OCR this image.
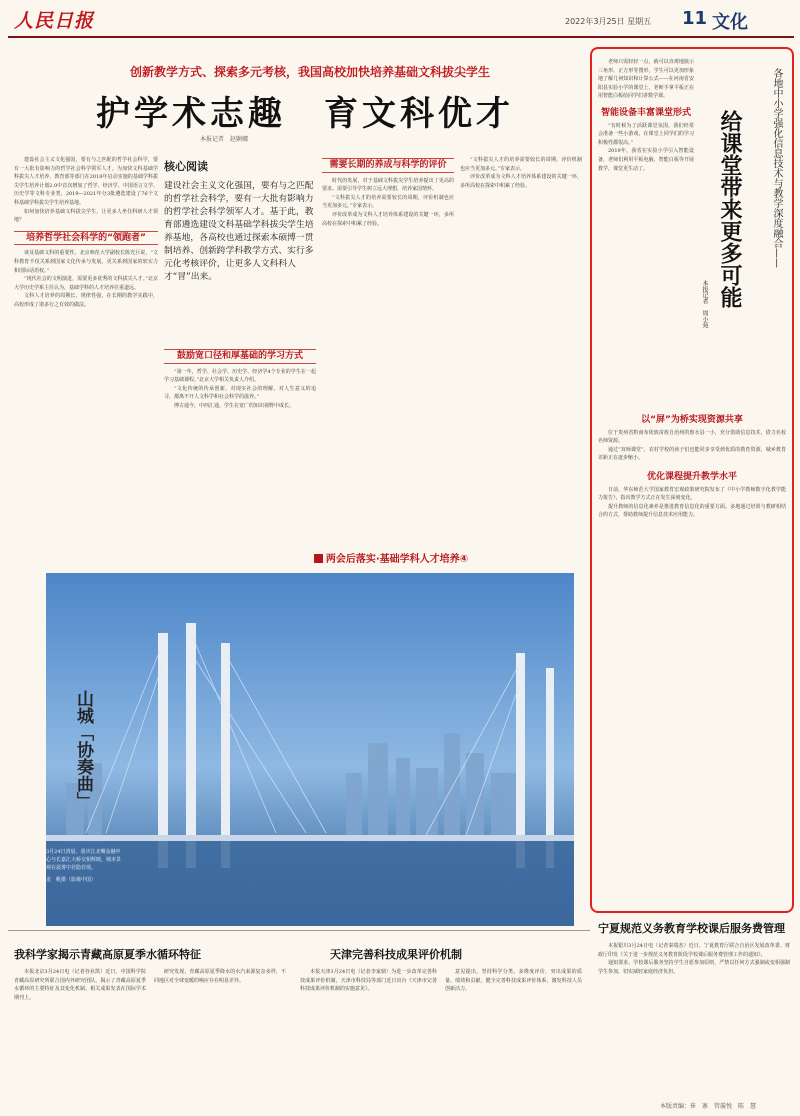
人民日报	2022年3月25日 星期五 11 文化
创新教学方式、探索多元考核，我国高校加快培养基础文科拔尖学生
护学术志趣　育文科优才
本报记者　赵婀娜

建设社会主义文化强国，要有与之匹配的哲学社会科学，要有一大批有影响力的哲学社会科学领军人才。为加快文科基础学科拔尖人才培养，教育部等部门在2018年启动实施的基础学科拔尖学生培养计划2.0中首次增加了哲学、经济学、中国语言文学、历史学等文科专业类。2019—2021年分3批遴选建设了76个文科基础学科拔尖学生培养基地。

如何加快培养基础文科拔尖学生，让更多人坐住科研人才领地？

培养哲学社会科学的“领跑者”

谈及基础文科的重要性，北京师范大学副校长陈光巨说，“文科教育不仅关系到国家文化传承与发展，更关系到国家的软实力和国际话语权。”

“现代社会的文明演进，需要更多优秀的文科拔尖人才。”北京大学历史学系主任认为，基础学科的人才培养任重道远。

文科人才培养的周期长、规律性强，在长期的教学实践中，高校形成了诸多行之有效的做法。

核心阅读
建设社会主义文化强国，要有与之匹配的哲学社会科学，要有一大批有影响力的哲学社会科学领军人才。基于此，教育部遴选建设文科基础学科拔尖学生培养基地，各高校也通过探索本硕博一贯制培养、创新跨学科教学方式、实行多元化考核评价，让更多人文科科人才“冒”出来。
鼓励宽口径和厚基础的学习方式

“第一年，哲学、社会学、历史学、经济学4个专业的学生在一起学习基础课程。”北京大学相关负责人介绍。

“文化传统的传承创新，对现实社会的理解，对人生意义的追寻，都离不开人文科学和社会科学的滋养。”

博古通今，中西汇通，学生在宽广的知识视野中成长。

需要长期的养成与科学的评价

时代的发展，对于基础文科拔尖学生培养提出了更高的要求。需要引导学生树立远大理想，培养家国情怀。

“文科拔尖人才的培养需要较长的周期，评价机制也应当更加多元。”专家表示。

评价改革成为文科人才培养体系建设的关键一环，多所高校在探索中积累了经验。

“文科拔尖人才的培养需要较长的周期，评价机制也应当更加多元。”专家表示。

评价改革成为文科人才培养体系建设的关键一环，多所高校在探索中积累了经验。

两会后落实·基础学科人才培养④
山城「协奏曲」
3月24日清晨，重庆江北嘴金融中心与长嘉汇大桥交相辉映，城市景观在晨雾中若隐若现。
龙　帆摄（影像中国）
各地中小学强化信息技术与教学深度融合——
给课堂带来更多可能
本报记者　周小苑

老师只需轻轻一点，就可以直观地演示三角形、正方形等图形，学生可以更加形象地了解几何知识和计算公式——在河南省安阳县实验小学的课堂上，老师手拿平板正在用智能白板给同学们讲数学课。

智能设备丰富课堂形式

“有时候为了活跃课堂氛围，我们经常会准备一些小游戏，在课堂上同学们的学习积极性都很高。”

2019年，我省在实验小学引入智能设备，老师们利用平板电脑、智能白板等开展教学，课堂更生动了。

以“屏”为桥实现资源共享

位于贵州省黔南布依族苗族自治州的惠水县一小，充分借助信息技术，借力名校名师资源。

通过“双师课堂”，农村学校的孩子们也能同步享受到优质的教育资源，城乡教育差距正在逐步缩小。

优化课程提升教学水平

日前，华东师范大学国家教育宏观政策研究院发布了《中小学教师数字化教学能力报告》，指出教学方式正在发生深刻变化。

提升教师的信息化素养是推进教育信息化的重要方面。多地通过培训与教研相结合的方式，帮助教师提升信息技术应用能力。

我科学家揭示青藏高原夏季水循环特征

本报北京3月24日电（记者谷业凯）近日，中国科学院青藏高原研究所联合国内外研究团队，揭示了青藏高原夏季水循环的主要特征及其变化机制。相关成果发表在国际学术期刊上。

研究发现，青藏高原夏季降水的水汽来源复杂多样，不同地区对全球变暖的响应存在明显差异。

天津完善科技成果评价机制

本报天津3月24日电（记者李家鼎）为进一步改革完善科技成果评价机制，天津市科技局等部门近日出台《天津市完善科技成果评价机制的实施意见》。

意见提出，坚持科学分类、多维度评价，突出成果的质量、绩效和贡献，健全完善科技成果评价体系，激发科技人员创新活力。

宁夏规范义务教育学校课后服务费管理

本报银川3月24日电（记者秦瑞杰）近日，宁夏教育厅联合自治区发展改革委、财政厅印发《关于进一步规范义务教育阶段学校课后服务费管理工作的通知》。

通知要求，学校课后服务坚持学生自愿参加原则，严禁以任何方式强制或变相强制学生参加，切实减轻家庭经济负担。

本版责编：崔　寨　管璇悦　陈　慧
